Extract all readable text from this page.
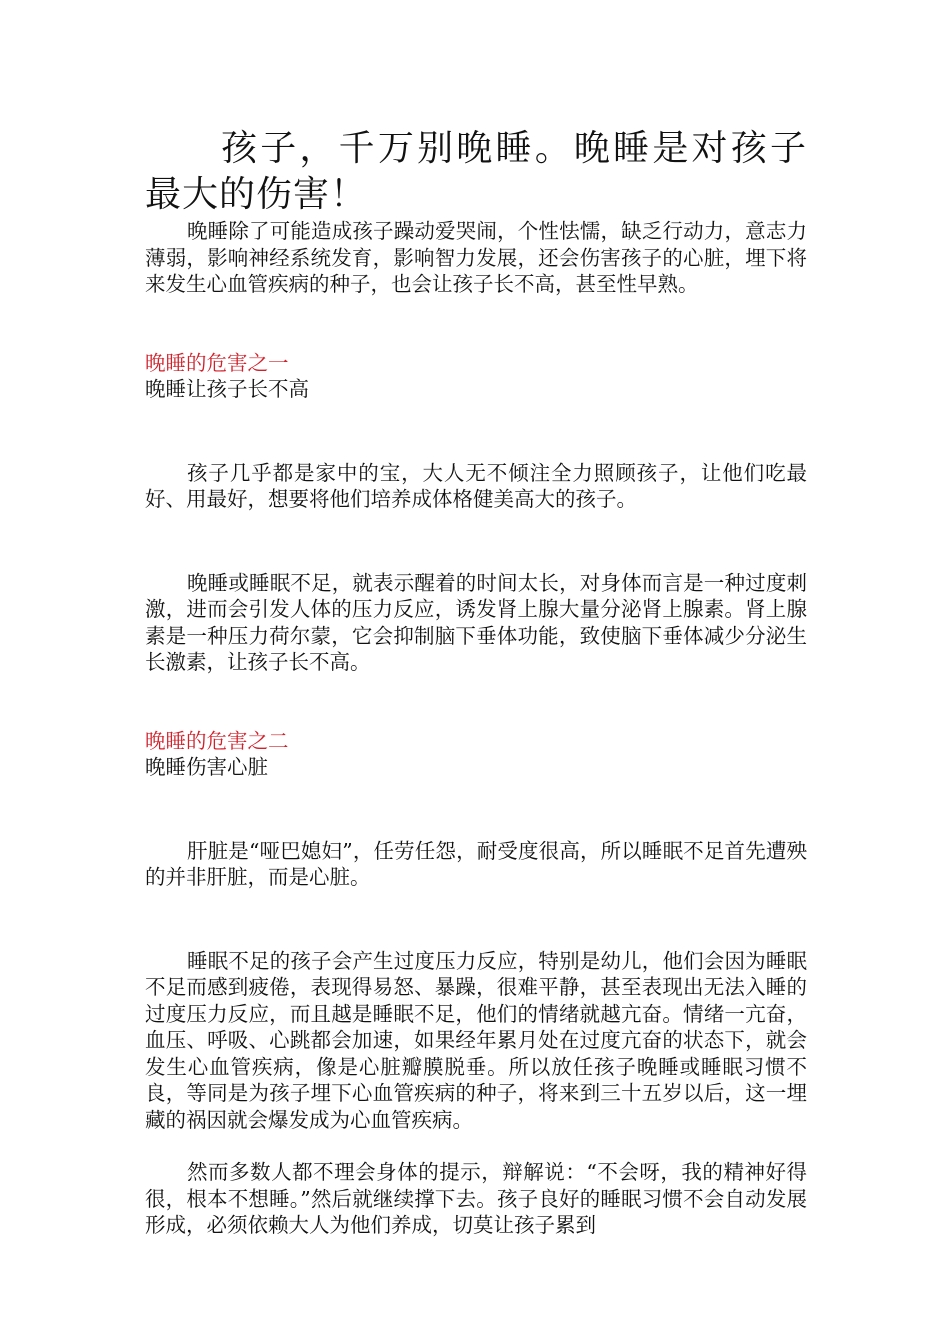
孩子，千万别晚睡。晚睡是对孩子最大的伤害！

晚睡除了可能造成孩子躁动爱哭闹，个性怯懦，缺乏行动力，意志力薄弱，影响神经系统发育，影响智力发展，还会伤害孩子的心脏，埋下将来发生心血管疾病的种子，也会让孩子长不高，甚至性早熟。

晚睡的危害之一

晚睡让孩子长不高

孩子几乎都是家中的宝，大人无不倾注全力照顾孩子，让他们吃最好、用最好，想要将他们培养成体格健美高大的孩子。

晚睡或睡眠不足，就表示醒着的时间太长，对身体而言是一种过度刺激，进而会引发人体的压力反应，诱发肾上腺大量分泌肾上腺素。肾上腺素是一种压力荷尔蒙，它会抑制脑下垂体功能，致使脑下垂体减少分泌生长激素，让孩子长不高。

晚睡的危害之二

晚睡伤害心脏

肝脏是“哑巴媳妇”，任劳任怨，耐受度很高，所以睡眠不足首先遭殃的并非肝脏，而是心脏。

睡眠不足的孩子会产生过度压力反应，特别是幼儿，他们会因为睡眠不足而感到疲倦，表现得易怒、暴躁，很难平静，甚至表现出无法入睡的过度压力反应，而且越是睡眠不足，他们的情绪就越亢奋。情绪一亢奋，血压、呼吸、心跳都会加速，如果经年累月处在过度亢奋的状态下，就会发生心血管疾病，像是心脏瓣膜脱垂。所以放任孩子晚睡或睡眠习惯不良，等同是为孩子埋下心血管疾病的种子，将来到三十五岁以后，这一埋藏的祸因就会爆发成为心血管疾病。

然而多数人都不理会身体的提示，辩解说：“不会呀，我的精神好得很，根本不想睡。”然后就继续撑下去。孩子良好的睡眠习惯不会自动发展形成，必须依赖大人为他们养成，切莫让孩子累到
